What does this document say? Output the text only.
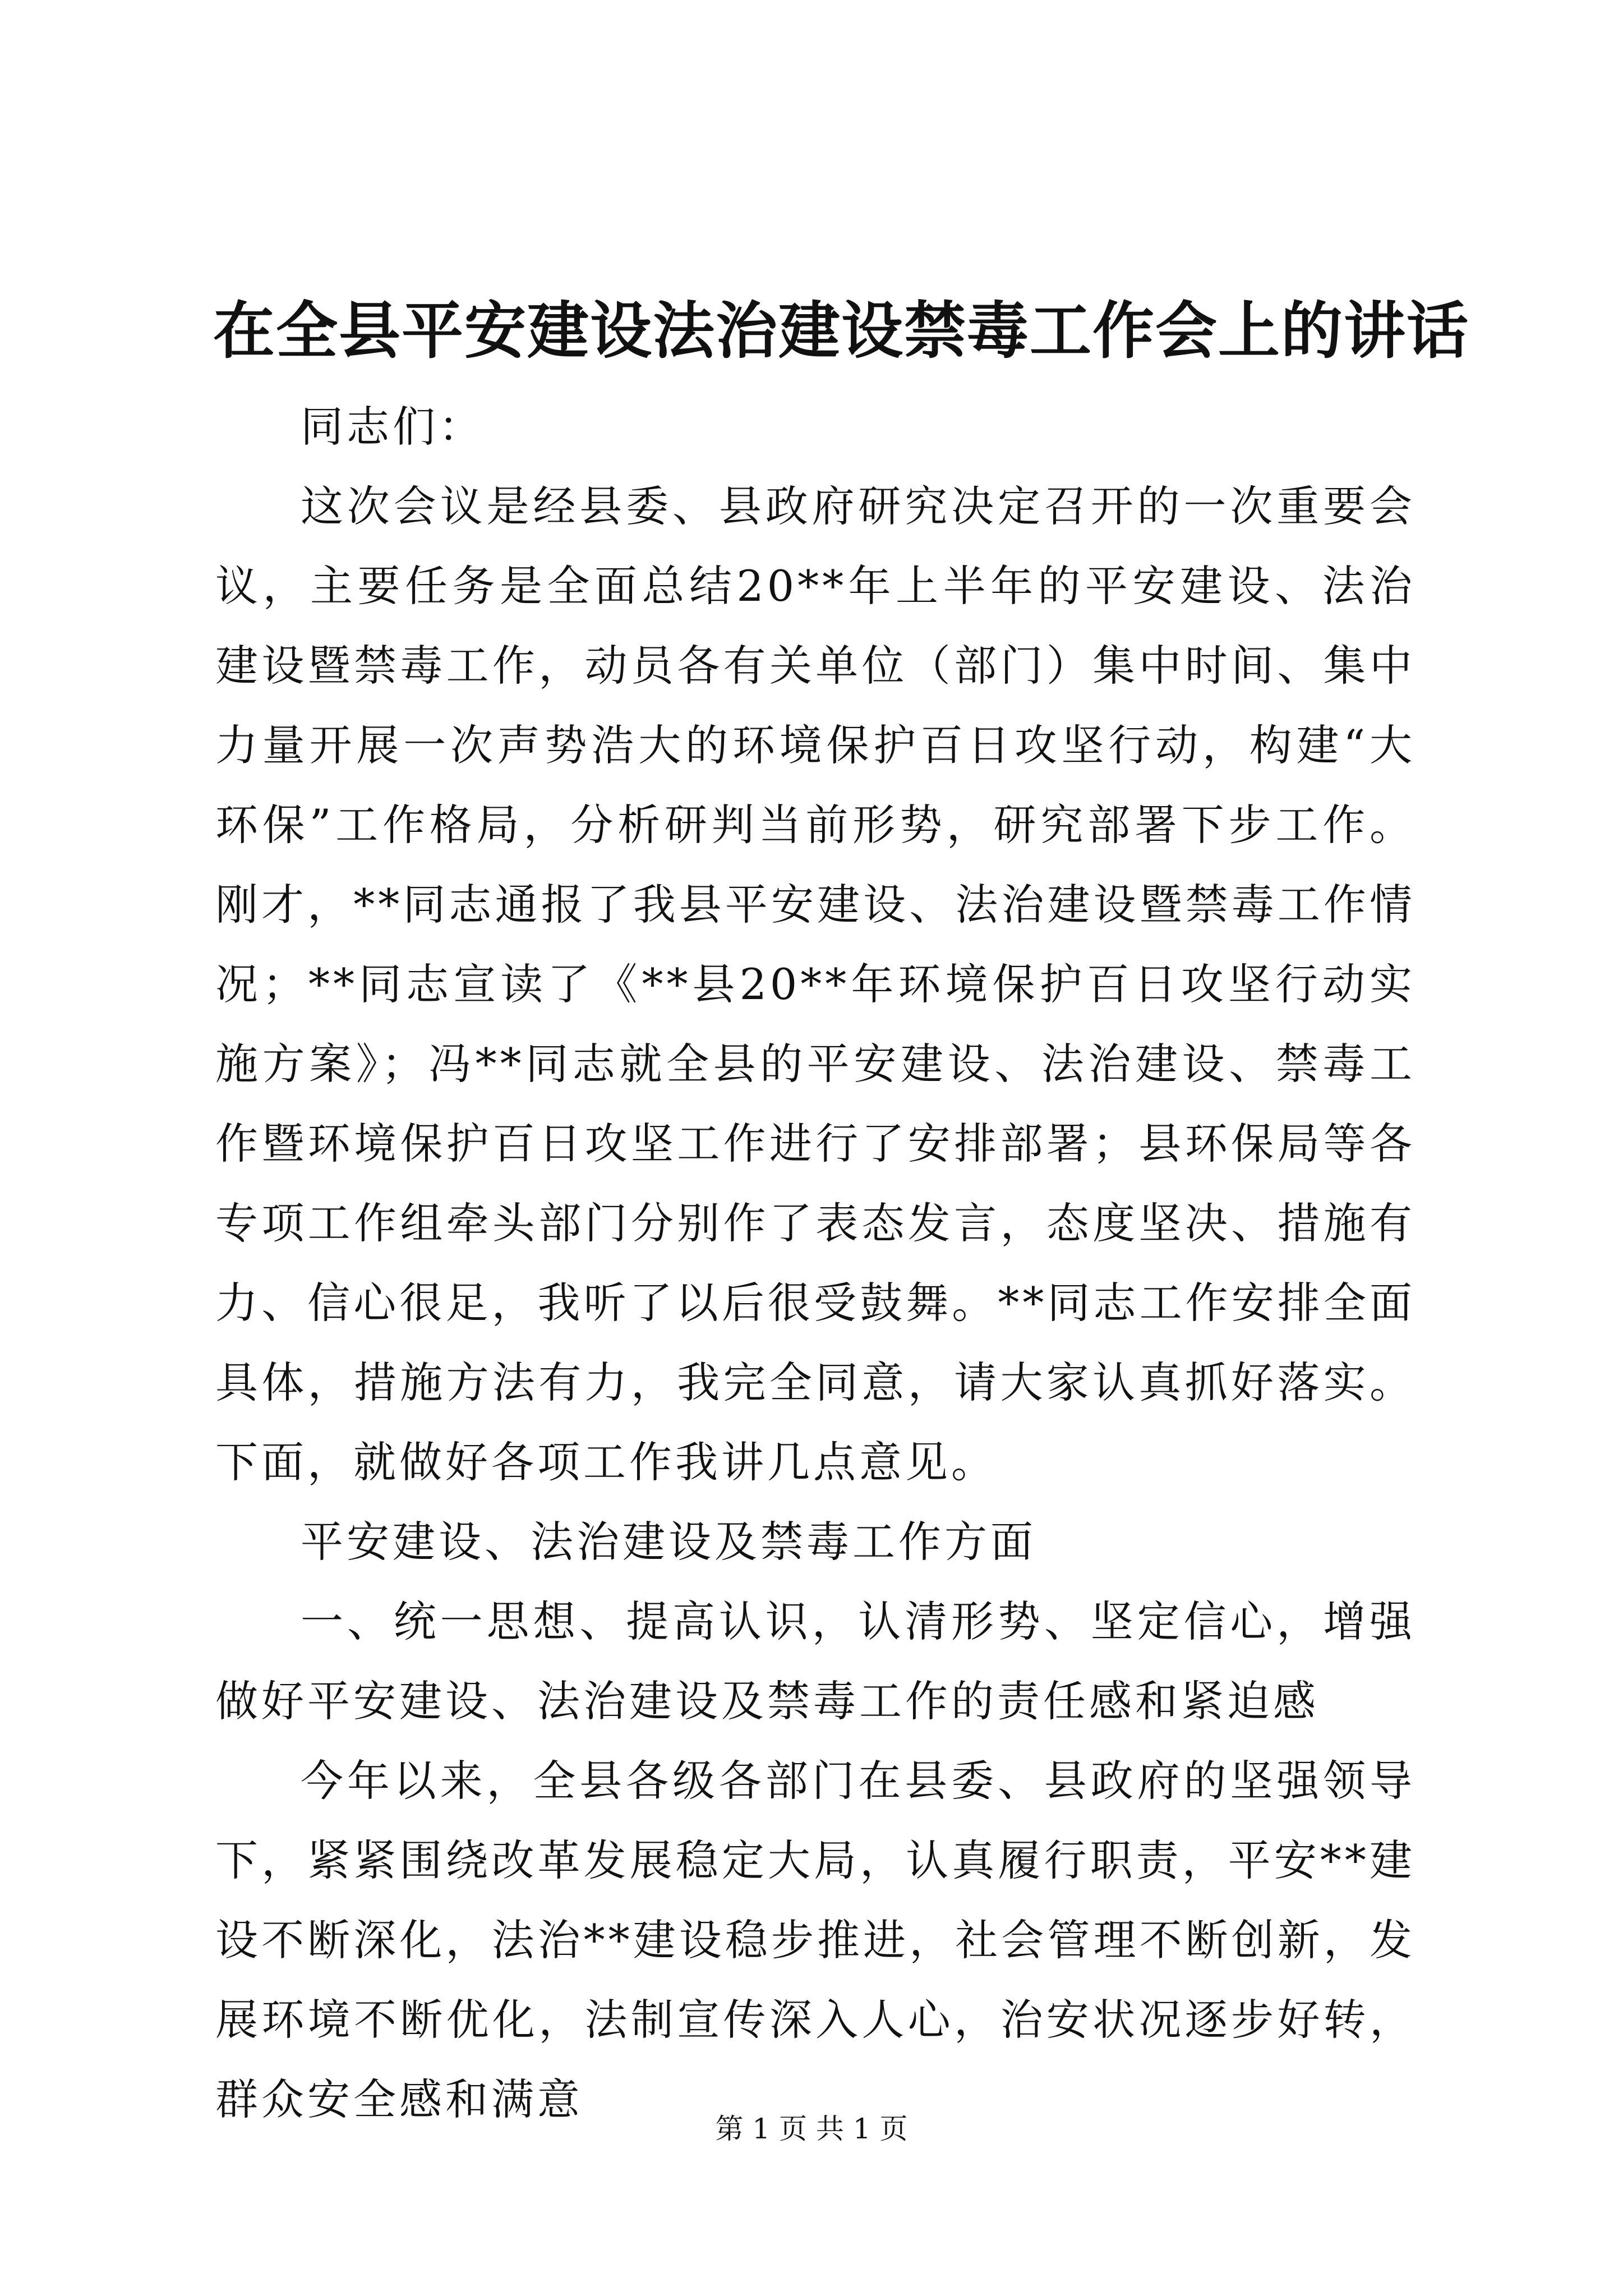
在全县平安建设法治建设禁毒工作会上的讲话

同志们：

这次会议是经县委、县政府研究决定召开的一次重要会议，主要任务是全面总结20**年上半年的平安建设、法治建设暨禁毒工作，动员各有关单位（部门）集中时间、集中力量开展一次声势浩大的环境保护百日攻坚行动，构建“大环保”工作格局，分析研判当前形势，研究部署下步工作。刚才，**同志通报了我县平安建设、法治建设暨禁毒工作情况；**同志宣读了《**县20**年环境保护百日攻坚行动实施方案》；冯**同志就全县的平安建设、法治建设、禁毒工作暨环境保护百日攻坚工作进行了安排部署；县环保局等各专项工作组牵头部门分别作了表态发言，态度坚决、措施有力、信心很足，我听了以后很受鼓舞。**同志工作安排全面具体，措施方法有力，我完全同意，请大家认真抓好落实。下面，就做好各项工作我讲几点意见。

平安建设、法治建设及禁毒工作方面

一、统一思想、提高认识，认清形势、坚定信心，增强做好平安建设、法治建设及禁毒工作的责任感和紧迫感

今年以来，全县各级各部门在县委、县政府的坚强领导下，紧紧围绕改革发展稳定大局，认真履行职责，平安**建设不断深化，法治**建设稳步推进，社会管理不断创新，发展环境不断优化，法制宣传深入人心，治安状况逐步好转，群众安全感和满意

第 1 页 共 1 页
